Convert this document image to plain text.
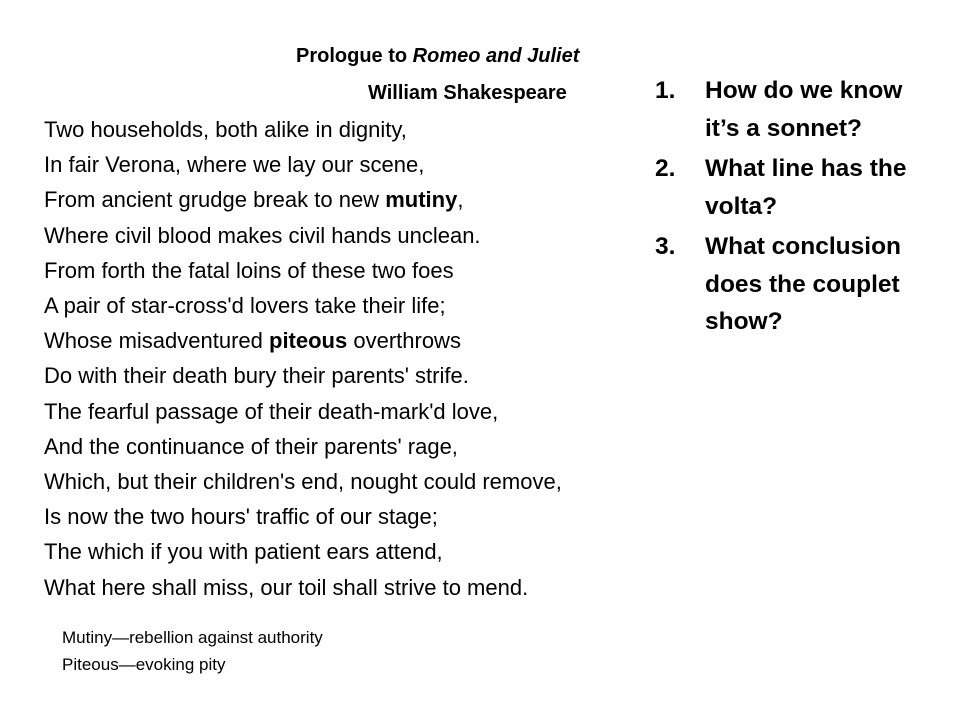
Prologue to Romeo and Juliet
William Shakespeare
Two households, both alike in dignity,
In fair Verona, where we lay our scene,
From ancient grudge break to new mutiny,
Where civil blood makes civil hands unclean.
From forth the fatal loins of these two foes
A pair of star-cross'd lovers take their life;
Whose misadventured piteous overthrows
Do with their death bury their parents' strife.
The fearful passage of their death-mark'd love,
And the continuance of their parents' rage,
Which, but their children's end, nought could remove,
Is now the two hours' traffic of our stage;
The which if you with patient ears attend,
What here shall miss, our toil shall strive to mend.
1.	How do we know it’s a sonnet?
2.	What line has the volta?
3.	What conclusion does the couplet show?
Mutiny—rebellion against authority
Piteous—evoking pity
